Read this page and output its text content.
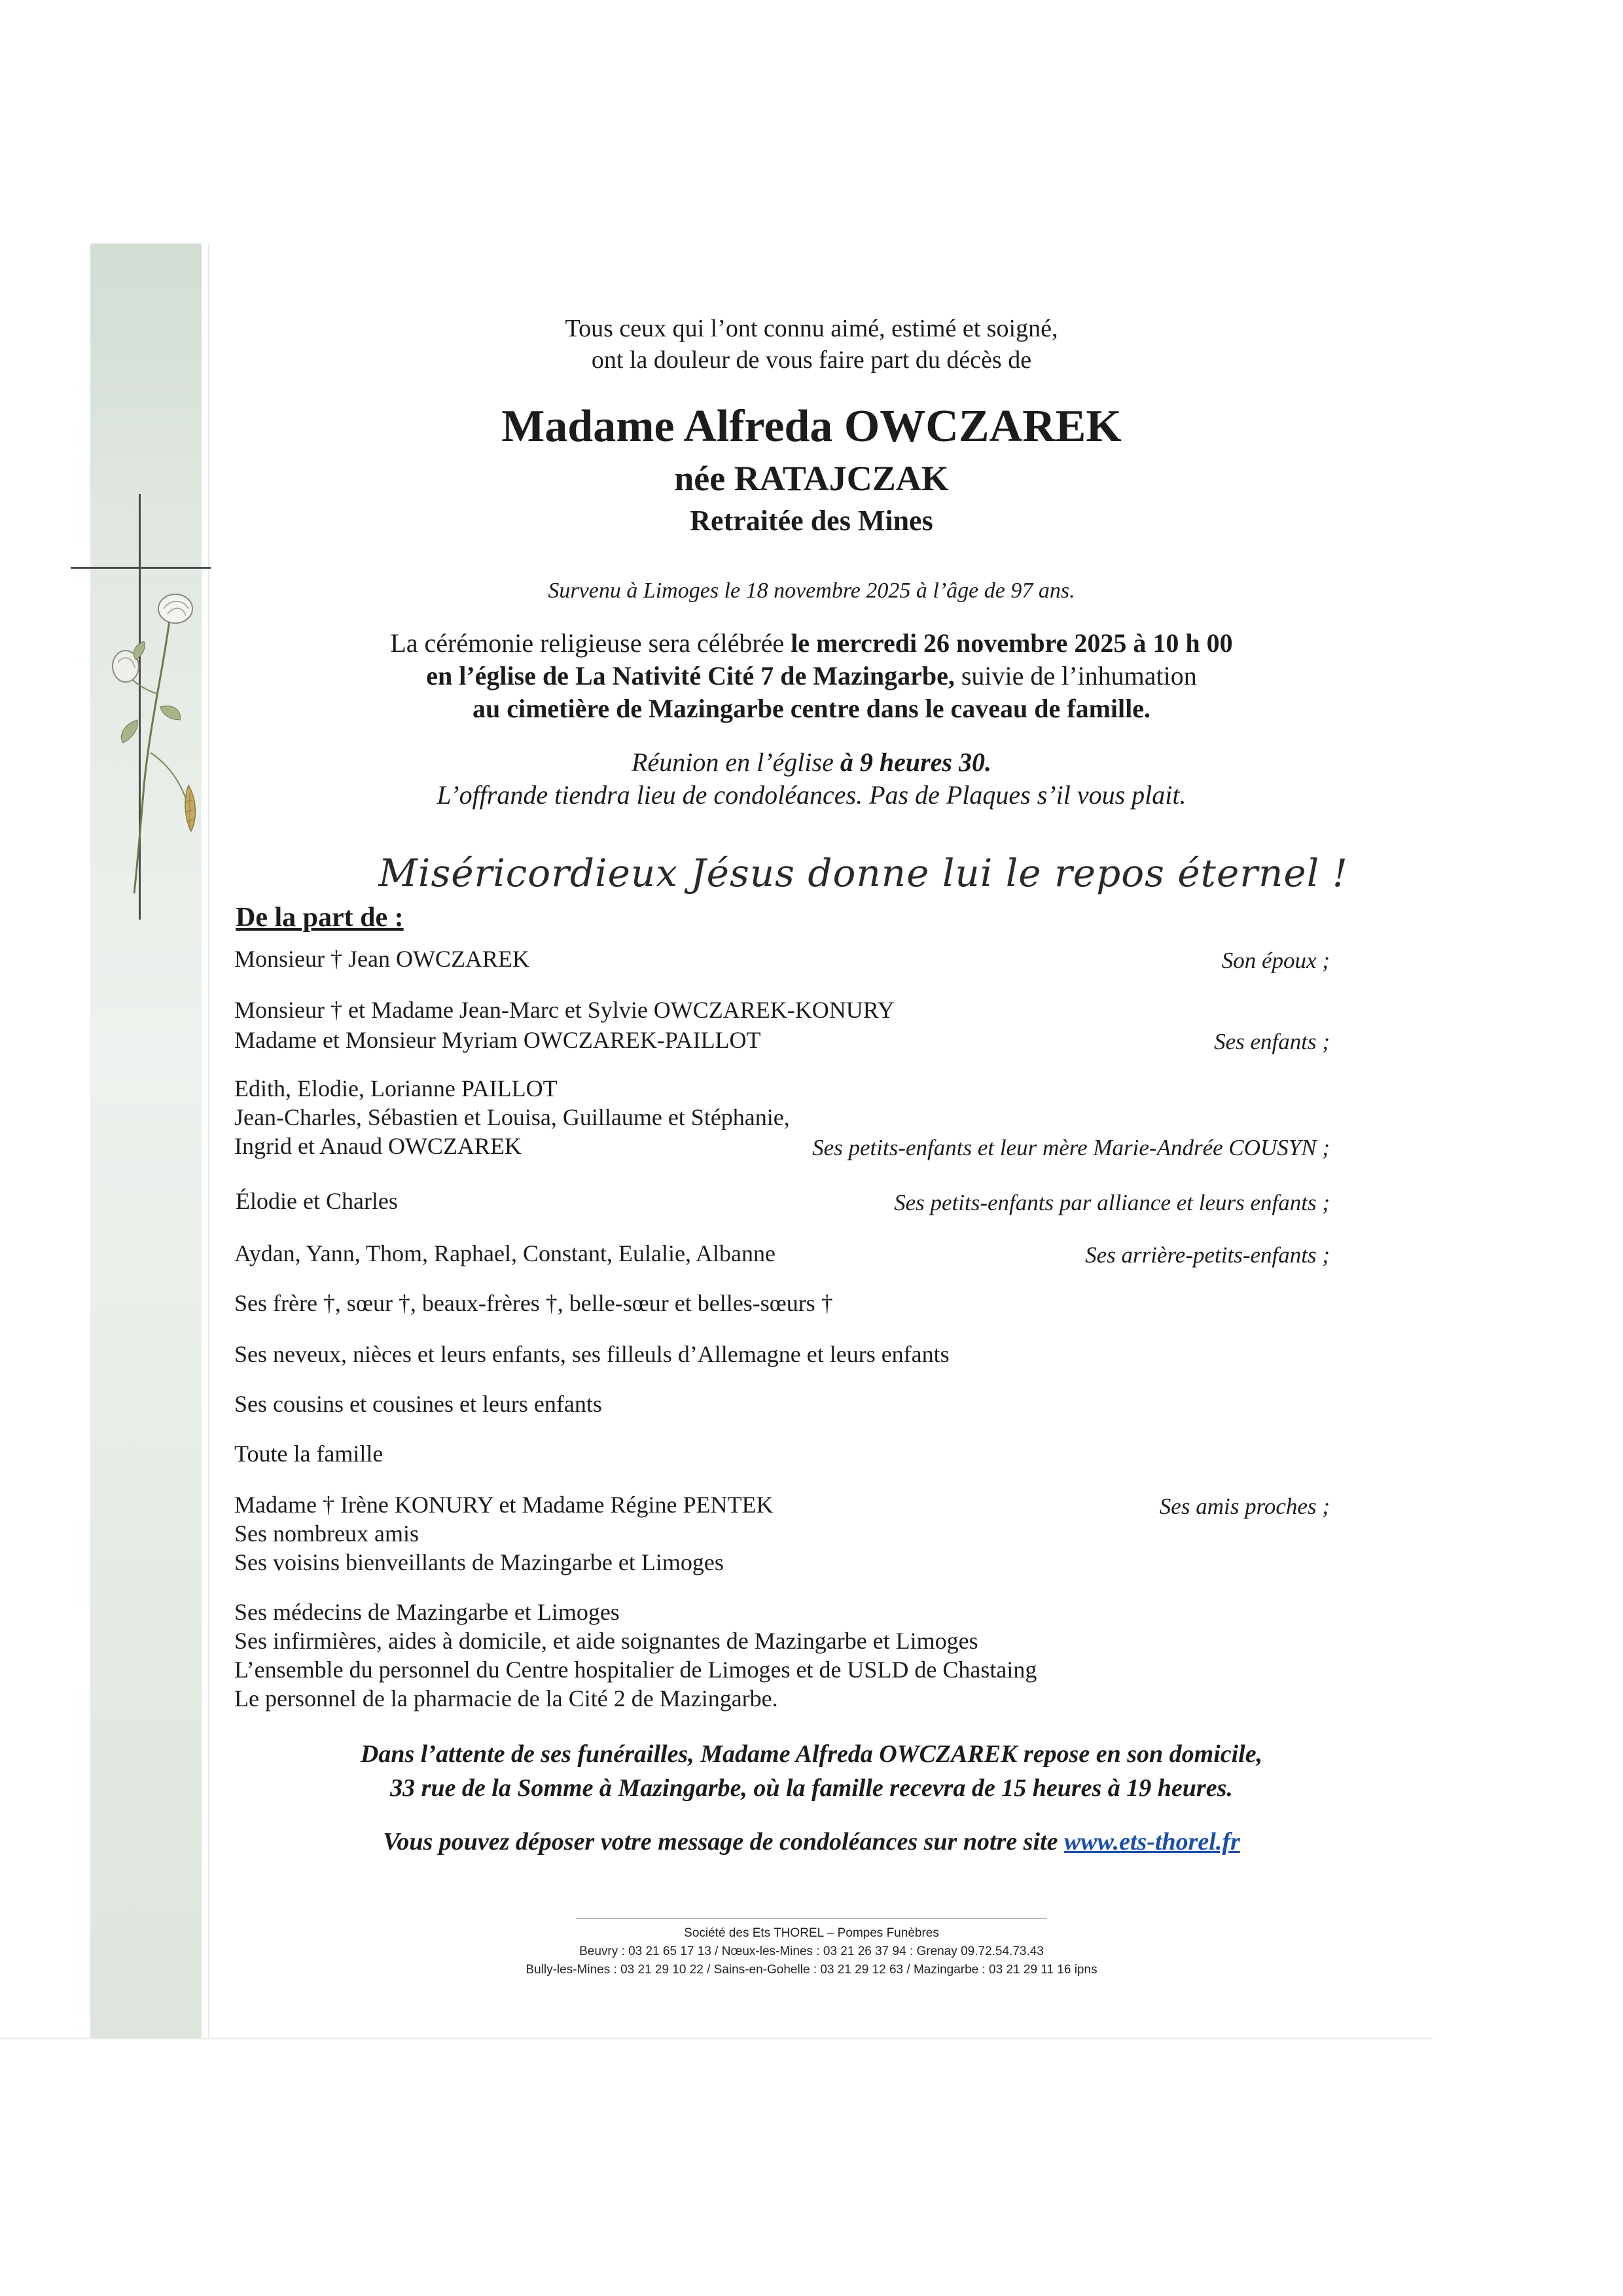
Tous ceux qui l’ont connu aimé, estimé et soigné,
ont la douleur de vous faire part du décès de
Madame Alfreda OWCZAREK
née RATAJCZAK
Retraitée des Mines
Survenu à Limoges le 18 novembre 2025 à l’âge de 97 ans.
La cérémonie religieuse sera célébrée le mercredi 26 novembre 2025 à 10 h 00
en l’église de La Nativité Cité 7 de Mazingarbe, suivie de l’inhumation
au cimetière de Mazingarbe centre dans le caveau de famille.
Réunion en l’église à 9 heures 30.
L’offrande tiendra lieu de condoléances. Pas de Plaques s’il vous plait.
Miséricordieux Jésus donne lui le repos éternel !
De la part de :
Monsieur † Jean OWCZAREK	Son époux ;
Monsieur † et Madame Jean-Marc et Sylvie OWCZAREK-KONURY
Madame et Monsieur Myriam OWCZAREK-PAILLOT	Ses enfants ;
Edith, Elodie, Lorianne PAILLOT
Jean-Charles, Sébastien et Louisa, Guillaume et Stéphanie,
Ingrid et Anaud OWCZAREK	Ses petits-enfants et leur mère Marie-Andrée COUSYN ;
Élodie et Charles	Ses petits-enfants par alliance et leurs enfants ;
Aydan, Yann, Thom, Raphael, Constant, Eulalie, Albanne	Ses arrière-petits-enfants ;
Ses frère †, sœur †, beaux-frères †, belle-sœur et belles-sœurs †
Ses neveux, nièces et leurs enfants, ses filleuls d’Allemagne et leurs enfants
Ses cousins et cousines et leurs enfants
Toute la famille
Madame † Irène KONURY et Madame Régine PENTEK	Ses amis proches ;
Ses nombreux amis
Ses voisins bienveillants de Mazingarbe et Limoges
Ses médecins de Mazingarbe et Limoges
Ses infirmières, aides à domicile, et aide soignantes de Mazingarbe et Limoges
L’ensemble du personnel du Centre hospitalier de Limoges et de USLD de Chastaing
Le personnel de la pharmacie de la Cité 2 de Mazingarbe.
Dans l’attente de ses funérailles, Madame Alfreda OWCZAREK repose en son domicile,
33 rue de la Somme à Mazingarbe, où la famille recevra de 15 heures à 19 heures.
Vous pouvez déposer votre message de condoléances sur notre site www.ets-thorel.fr
Société des Ets THOREL – Pompes Funèbres
Beuvry : 03 21 65 17 13 / Nœux-les-Mines : 03 21 26 37 94 : Grenay 09.72.54.73.43
Bully-les-Mines : 03 21 29 10 22 / Sains-en-Gohelle : 03 21 29 12 63 / Mazingarbe : 03 21 29 11 16 ipns
